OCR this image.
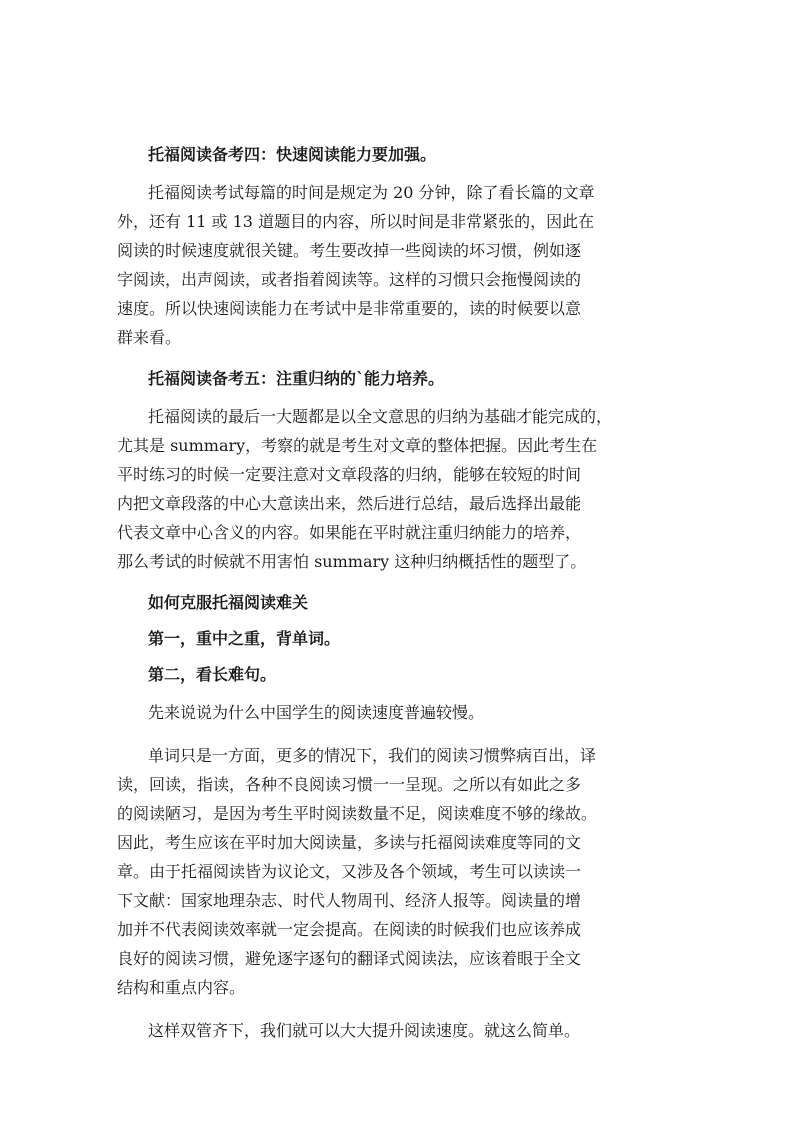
托福阅读备考四：快速阅读能力要加强。
托福阅读考试每篇的时间是规定为 20 分钟，除了看长篇的文章
外，还有 11 或 13 道题目的内容，所以时间是非常紧张的，因此在
阅读的时候速度就很关键。考生要改掉一些阅读的坏习惯，例如逐
字阅读，出声阅读，或者指着阅读等。这样的习惯只会拖慢阅读的
速度。所以快速阅读能力在考试中是非常重要的，读的时候要以意
群来看。
托福阅读备考五：注重归纳的`能力培养。
托福阅读的最后一大题都是以全文意思的归纳为基础才能完成的，
尤其是 summary，考察的就是考生对文章的整体把握。因此考生在
平时练习的时候一定要注意对文章段落的归纳，能够在较短的时间
内把文章段落的中心大意读出来，然后进行总结，最后选择出最能
代表文章中心含义的内容。如果能在平时就注重归纳能力的培养，
那么考试的时候就不用害怕 summary 这种归纳概括性的题型了。
如何克服托福阅读难关
第一，重中之重，背单词。
第二，看长难句。
先来说说为什么中国学生的阅读速度普遍较慢。
单词只是一方面，更多的情况下，我们的阅读习惯弊病百出，译
读，回读，指读，各种不良阅读习惯一一呈现。之所以有如此之多
的阅读陋习，是因为考生平时阅读数量不足，阅读难度不够的缘故。
因此，考生应该在平时加大阅读量，多读与托福阅读难度等同的文
章。由于托福阅读皆为议论文，又涉及各个领域，考生可以读读一
下文献：国家地理杂志、时代人物周刊、经济人报等。阅读量的增
加并不代表阅读效率就一定会提高。在阅读的时候我们也应该养成
良好的阅读习惯，避免逐字逐句的翻译式阅读法，应该着眼于全文
结构和重点内容。
这样双管齐下，我们就可以大大提升阅读速度。就这么简单。
